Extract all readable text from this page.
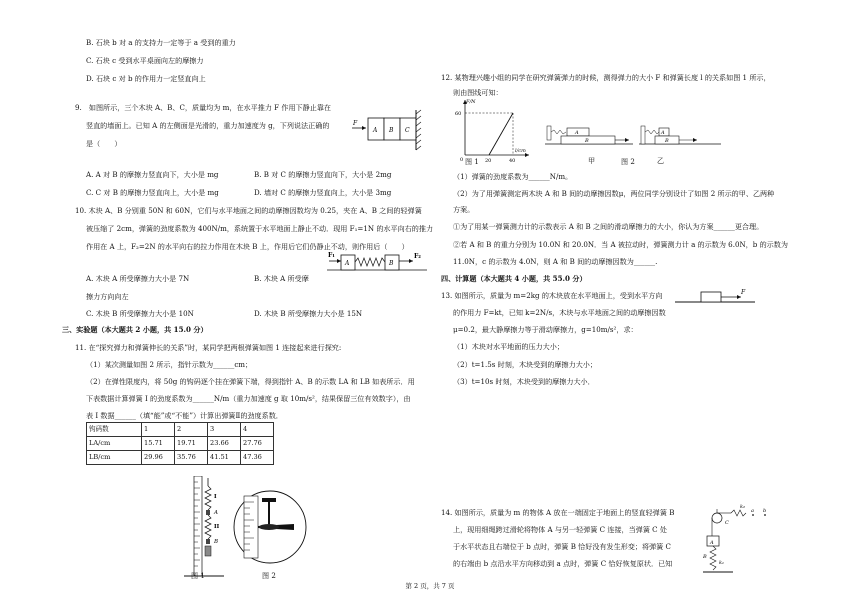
B. 石块 b 对 a 的支持力一定等于 a 受到的重力
C. 石块 c 受到水平桌面向左的摩擦力
D. 石块 c 对 b 的作用力一定竖直向上
9.　如图所示，三个木块 A、B、C，质量均为 m，在水平推力 F 作用下静止靠在
竖直的墙面上。已知 A 的左侧面是光滑的，重力加速度为 g，下列说法正确的
是（　　）
F
A B C
A. A 对 B 的摩擦力竖直向下，大小是 mg	B. B 对 C 的摩擦力竖直向下，大小是 2mg
C. C 对 B 的摩擦力竖直向上，大小是 mg	D. 墙对 C 的摩擦力竖直向上，大小是 3mg
10. 木块 A、B 分别重 50N 和 60N，它们与水平地面之间的动摩擦因数均为 0.25，夹在 A、B 之间的轻弹簧
被压缩了 2cm，弹簧的劲度系数为 400N/m，系统置于水平地面上静止不动．现用 F₁=1N 的水平向右的推力
作用在 A 上，F₂=2N 的水平向右的拉力作用在木块 B 上，作用后它们仍静止不动，则作用后（　　）
F₁
A	B
F₂
A. 木块 A 所受摩擦力大小是 7N	B. 木块 A 所受摩
擦力方向向左
C. 木块 B 所受摩擦力大小是 10N	D. 木块 B 所受摩擦力大小是 15N
三、实验题（本大题共 2 小题，共 15.0 分）
11. 在“探究弹力和弹簧伸长的关系”时，某同学把两根弹簧如图 1 连接起来进行探究:
（1）某次测量如图 2 所示，指针示数为______cm；
（2）在弹性限度内，将 50g 的钩码逐个挂在弹簧下端，得到指针 A、B 的示数 LA 和 LB 如表所示．用
下表数据计算弹簧 I 的劲度系数为______N/m（重力加速度 g 取 10m/s²，结果保留三位有效数字），由
表 I 数据______（填“能”或“不能”）计算出弹簧Ⅱ的劲度系数．
钩码数	1	2	3	4
LA/cm	15.71	19.71	23.66	27.76
LB/cm	29.96	35.76	41.51	47.36
I
A
II
B
图 1	图 2
12. 某物理兴趣小组的同学在研究弹簧弹力的时候，测得弹力的大小 F 和弹簧长度 l 的关系如图 1 所示，
则由图线可知：
F/N
l/cm
60
20	40
0 图 1
A
B
甲	图 2
A
B
乙
（1）弹簧的劲度系数为______N/m。
（2）为了用弹簧测定两木块 A 和 B 间的动摩擦因数μ，两位同学分别设计了如图 2 所示的甲、乙两种
方案。
①为了用某一弹簧测力计的示数表示 A 和 B 之间的滑动摩擦力的大小，你认为方案______更合理。
②若 A 和 B 的重力分别为 10.0N 和 20.0N．当 A 被拉动时，弹簧测力计 a 的示数为 6.0N，b 的示数为
11.0N，c 的示数为 4.0N，则 A 和 B 间的动摩擦因数为______.
四、计算题（本大题共 4 小题，共 55.0 分）
13. 如图所示，质量为 m=2kg 的木块放在水平地面上，受到水平方向
的作用力 F=kt，已知 k=2N/s，木块与水平地面之间的动摩擦因数
μ=0.2，最大静摩擦力等于滑动摩擦力，g=10m/s²，求：
（1）木块对水平地面的压力大小；
（2）t=1.5s 时刻，木块受到的摩擦力大小；
（3）t=10s 时刻，木块受到的摩擦力大小．
F
14. 如图所示，质量为 m 的物体 A 放在一端固定于地面上的竖直轻弹簧 B
上，现用细绳跨过滑轮将物体 A 与另一轻弹簧 C 连接，当弹簧 C 处
于水平状态且右端位于 b 点时，弹簧 B 恰好没有发生形变；将弹簧 C
的右端由 b 点沿水平方向移动到 a 点时，弹簧 C 恰好恢复原状．已知
k₂
C
a b
A
B
k₁
第 2 页，共 7 页
